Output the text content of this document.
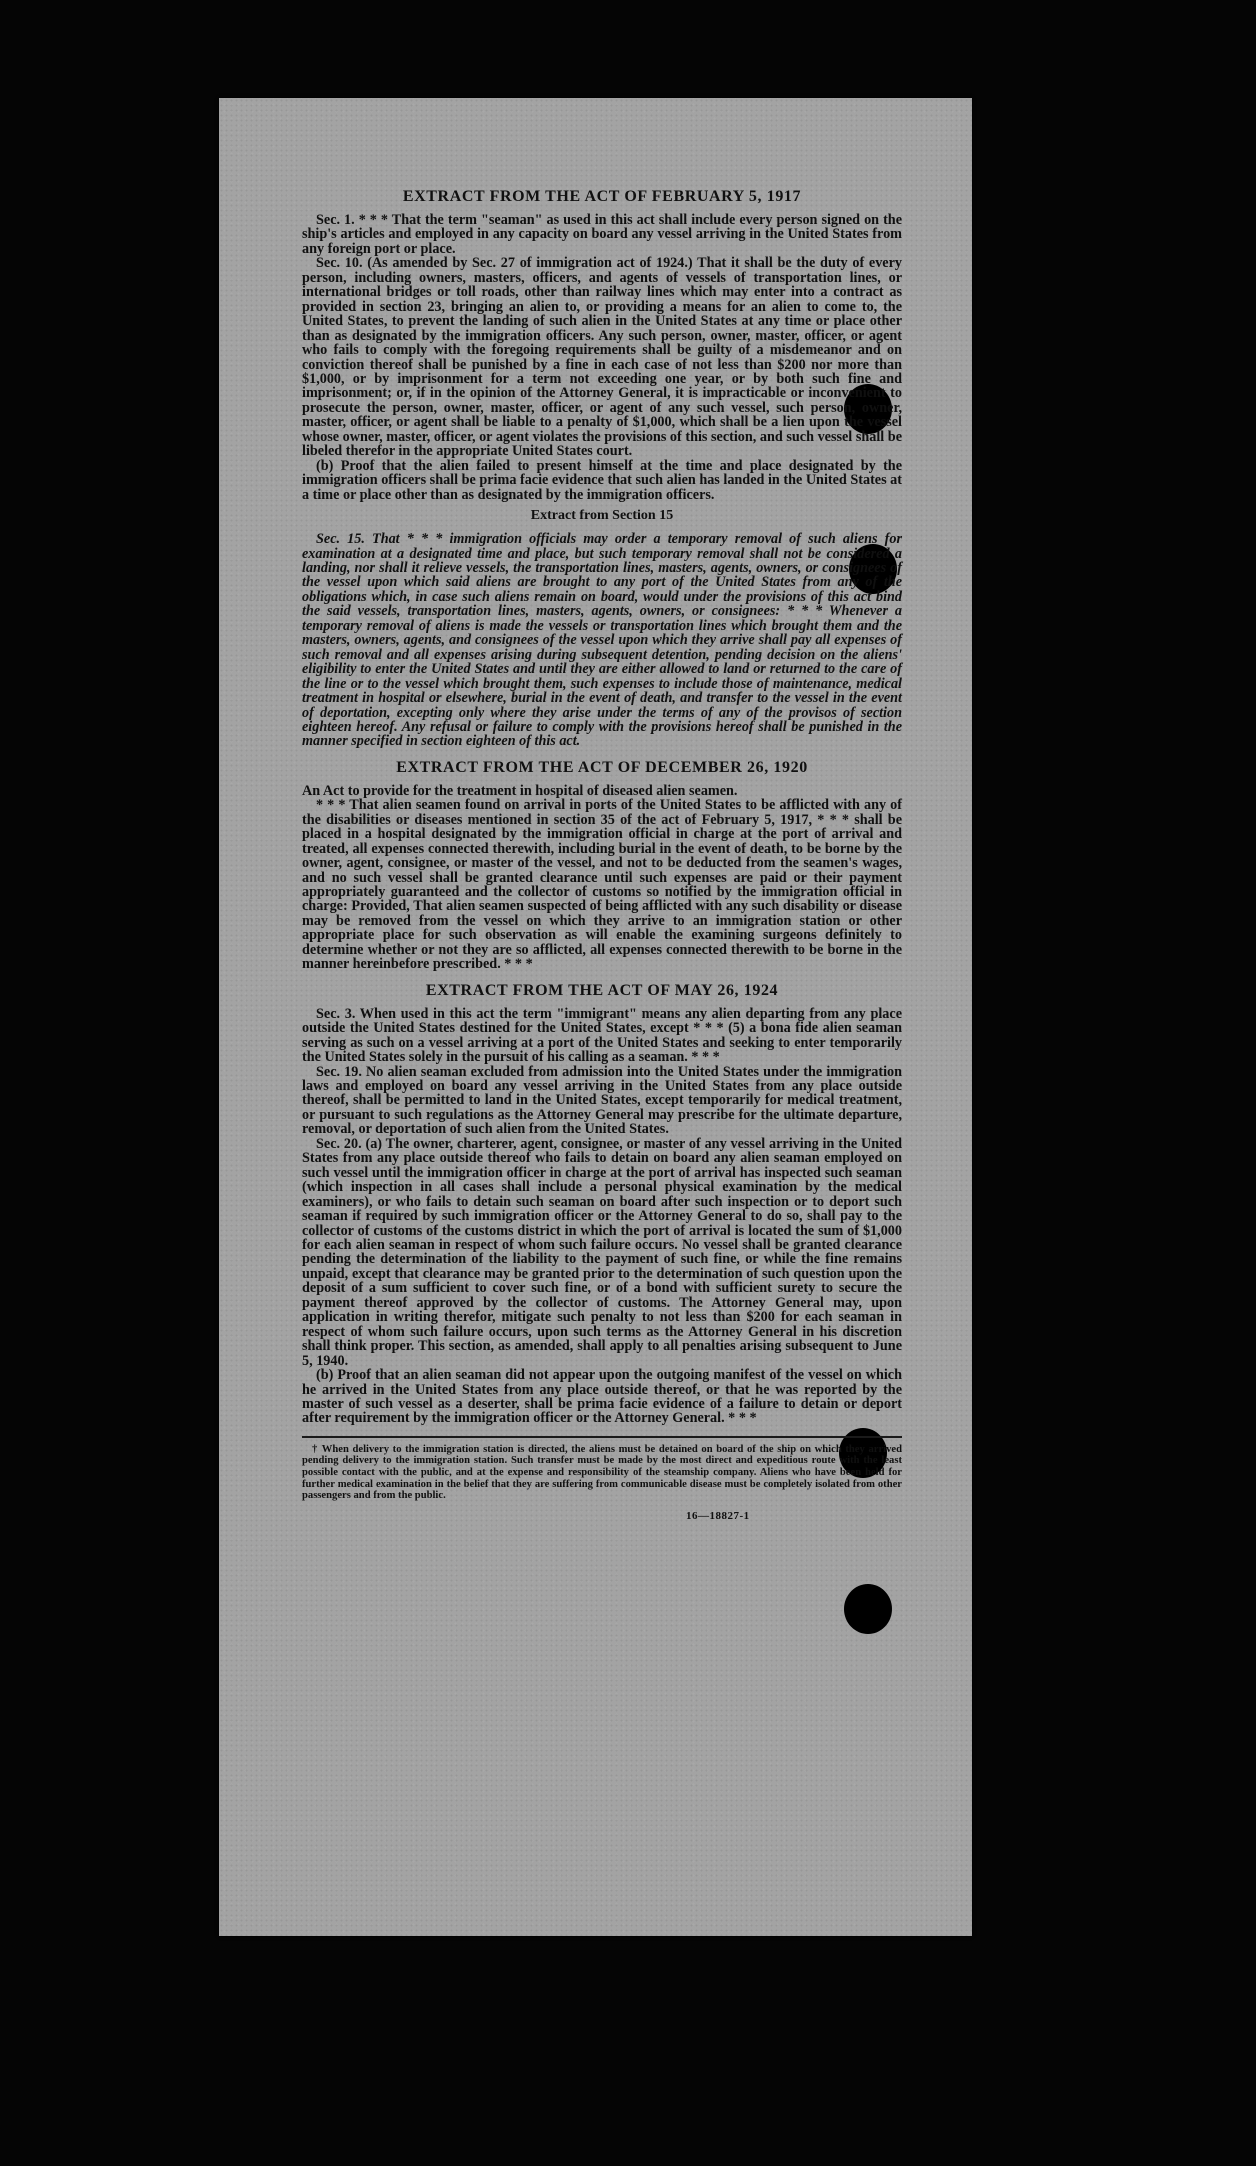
EXTRACT FROM THE ACT OF FEBRUARY 5, 1917

Sec. 1. * * * That the term "seaman" as used in this act shall include every person signed on the ship's articles and employed in any capacity on board any vessel arriving in the United States from any foreign port or place.

Sec. 10. (As amended by Sec. 27 of immigration act of 1924.) That it shall be the duty of every person, including owners, masters, officers, and agents of vessels of transportation lines, or international bridges or toll roads, other than railway lines which may enter into a contract as provided in section 23, bringing an alien to, or providing a means for an alien to come to, the United States, to prevent the landing of such alien in the United States at any time or place other than as designated by the immigration officers. Any such person, owner, master, officer, or agent who fails to comply with the foregoing requirements shall be guilty of a misdemeanor and on conviction thereof shall be punished by a fine in each case of not less than $200 nor more than $1,000, or by imprisonment for a term not exceeding one year, or by both such fine and imprisonment; or, if in the opinion of the Attorney General, it is impracticable or inconvenient to prosecute the person, owner, master, officer, or agent of any such vessel, such person, owner, master, officer, or agent shall be liable to a penalty of $1,000, which shall be a lien upon the vessel whose owner, master, officer, or agent violates the provisions of this section, and such vessel shall be libeled therefor in the appropriate United States court.

(b) Proof that the alien failed to present himself at the time and place designated by the immigration officers shall be prima facie evidence that such alien has landed in the United States at a time or place other than as designated by the immigration officers.

Extract from Section 15

Sec. 15. That * * * immigration officials may order a temporary removal of such aliens for examination at a designated time and place, but such temporary removal shall not be considered a landing, nor shall it relieve vessels, the transportation lines, masters, agents, owners, or consignees of the vessel upon which said aliens are brought to any port of the United States from any of the obligations which, in case such aliens remain on board, would under the provisions of this act bind the said vessels, transportation lines, masters, agents, owners, or consignees: * * * Whenever a temporary removal of aliens is made the vessels or transportation lines which brought them and the masters, owners, agents, and consignees of the vessel upon which they arrive shall pay all expenses of such removal and all expenses arising during subsequent detention, pending decision on the aliens' eligibility to enter the United States and until they are either allowed to land or returned to the care of the line or to the vessel which brought them, such expenses to include those of maintenance, medical treatment in hospital or elsewhere, burial in the event of death, and transfer to the vessel in the event of deportation, excepting only where they arise under the terms of any of the provisos of section eighteen hereof. Any refusal or failure to comply with the provisions hereof shall be punished in the manner specified in section eighteen of this act.

EXTRACT FROM THE ACT OF DECEMBER 26, 1920

An Act to provide for the treatment in hospital of diseased alien seamen.

* * * That alien seamen found on arrival in ports of the United States to be afflicted with any of the disabilities or diseases mentioned in section 35 of the act of February 5, 1917, * * * shall be placed in a hospital designated by the immigration official in charge at the port of arrival and treated, all expenses connected therewith, including burial in the event of death, to be borne by the owner, agent, consignee, or master of the vessel, and not to be deducted from the seamen's wages, and no such vessel shall be granted clearance until such expenses are paid or their payment appropriately guaranteed and the collector of customs so notified by the immigration official in charge: Provided, That alien seamen suspected of being afflicted with any such disability or disease may be removed from the vessel on which they arrive to an immigration station or other appropriate place for such observation as will enable the examining surgeons definitely to determine whether or not they are so afflicted, all expenses connected therewith to be borne in the manner hereinbefore prescribed. * * *

EXTRACT FROM THE ACT OF MAY 26, 1924

Sec. 3. When used in this act the term "immigrant" means any alien departing from any place outside the United States destined for the United States, except * * * (5) a bona fide alien seaman serving as such on a vessel arriving at a port of the United States and seeking to enter temporarily the United States solely in the pursuit of his calling as a seaman. * * *

Sec. 19. No alien seaman excluded from admission into the United States under the immigration laws and employed on board any vessel arriving in the United States from any place outside thereof, shall be permitted to land in the United States, except temporarily for medical treatment, or pursuant to such regulations as the Attorney General may prescribe for the ultimate departure, removal, or deportation of such alien from the United States.

Sec. 20. (a) The owner, charterer, agent, consignee, or master of any vessel arriving in the United States from any place outside thereof who fails to detain on board any alien seaman employed on such vessel until the immigration officer in charge at the port of arrival has inspected such seaman (which inspection in all cases shall include a personal physical examination by the medical examiners), or who fails to detain such seaman on board after such inspection or to deport such seaman if required by such immigration officer or the Attorney General to do so, shall pay to the collector of customs of the customs district in which the port of arrival is located the sum of $1,000 for each alien seaman in respect of whom such failure occurs. No vessel shall be granted clearance pending the determination of the liability to the payment of such fine, or while the fine remains unpaid, except that clearance may be granted prior to the determination of such question upon the deposit of a sum sufficient to cover such fine, or of a bond with sufficient surety to secure the payment thereof approved by the collector of customs. The Attorney General may, upon application in writing therefor, mitigate such penalty to not less than $200 for each seaman in respect of whom such failure occurs, upon such terms as the Attorney General in his discretion shall think proper. This section, as amended, shall apply to all penalties arising subsequent to June 5, 1940.

(b) Proof that an alien seaman did not appear upon the outgoing manifest of the vessel on which he arrived in the United States from any place outside thereof, or that he was reported by the master of such vessel as a deserter, shall be prima facie evidence of a failure to detain or deport after requirement by the immigration officer or the Attorney General. * * *

† When delivery to the immigration station is directed, the aliens must be detained on board of the ship on which they arrived pending delivery to the immigration station. Such transfer must be made by the most direct and expeditious route with the least possible contact with the public, and at the expense and responsibility of the steamship company. Aliens who have been held for further medical examination in the belief that they are suffering from communicable disease must be completely isolated from other passengers and from the public.

16—18827-1
